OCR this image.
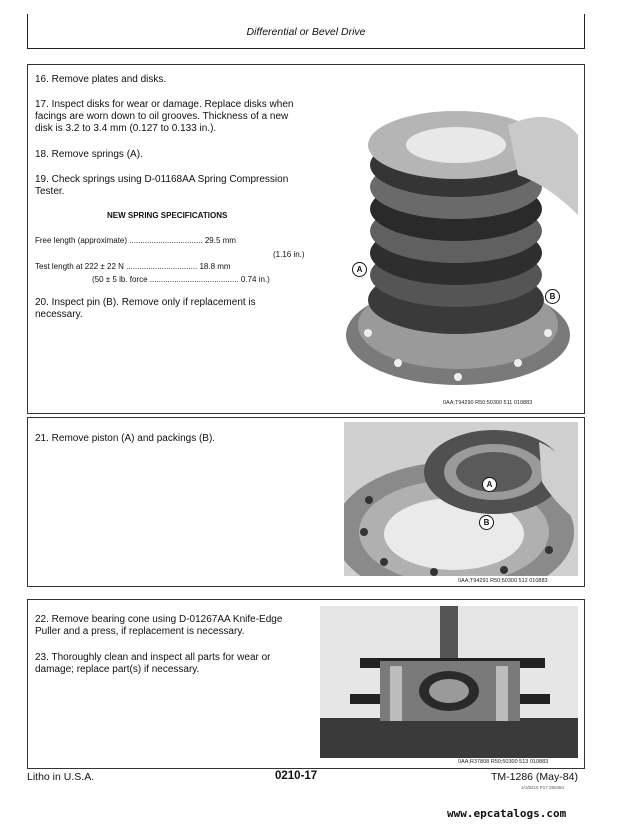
Differential or Bevel Drive
16. Remove plates and disks.
17. Inspect disks for wear or damage. Replace disks when
facings are worn down to oil grooves. Thickness of a new
disk is 3.2 to 3.4 mm (0.127 to 0.133 in.).
18. Remove springs (A).
19. Check springs using D-01168AA Spring Compression
Tester.
NEW SPRING SPECIFICATIONS
Free length (approximate) ................................. 29.5 mm
(1.16 in.)
Test length at 222 ± 22 N ................................ 18.8 mm
(50 ± 5 lb. force ........................................ 0.74 in.)
20. Inspect pin (B). Remove only if replacement is
necessary.
A
B
0AA;T94290 R50;50300 511 010883
21. Remove piston (A) and packings (B).
A
B
0AA;T94291 R50;50300 512 010883
22. Remove bearing cone using D-01267AA Knife-Edge
Puller and a press, if replacement is necessary.
23. Thoroughly clean and inspect all parts for wear or
damage; replace part(s) if necessary.
0AA;R37808 R50;50300 513 010883
Litho in U.S.A.	0210-17	TM-1286 (May-84)
1/1/8210 P17 280484
www.epcatalogs.com
